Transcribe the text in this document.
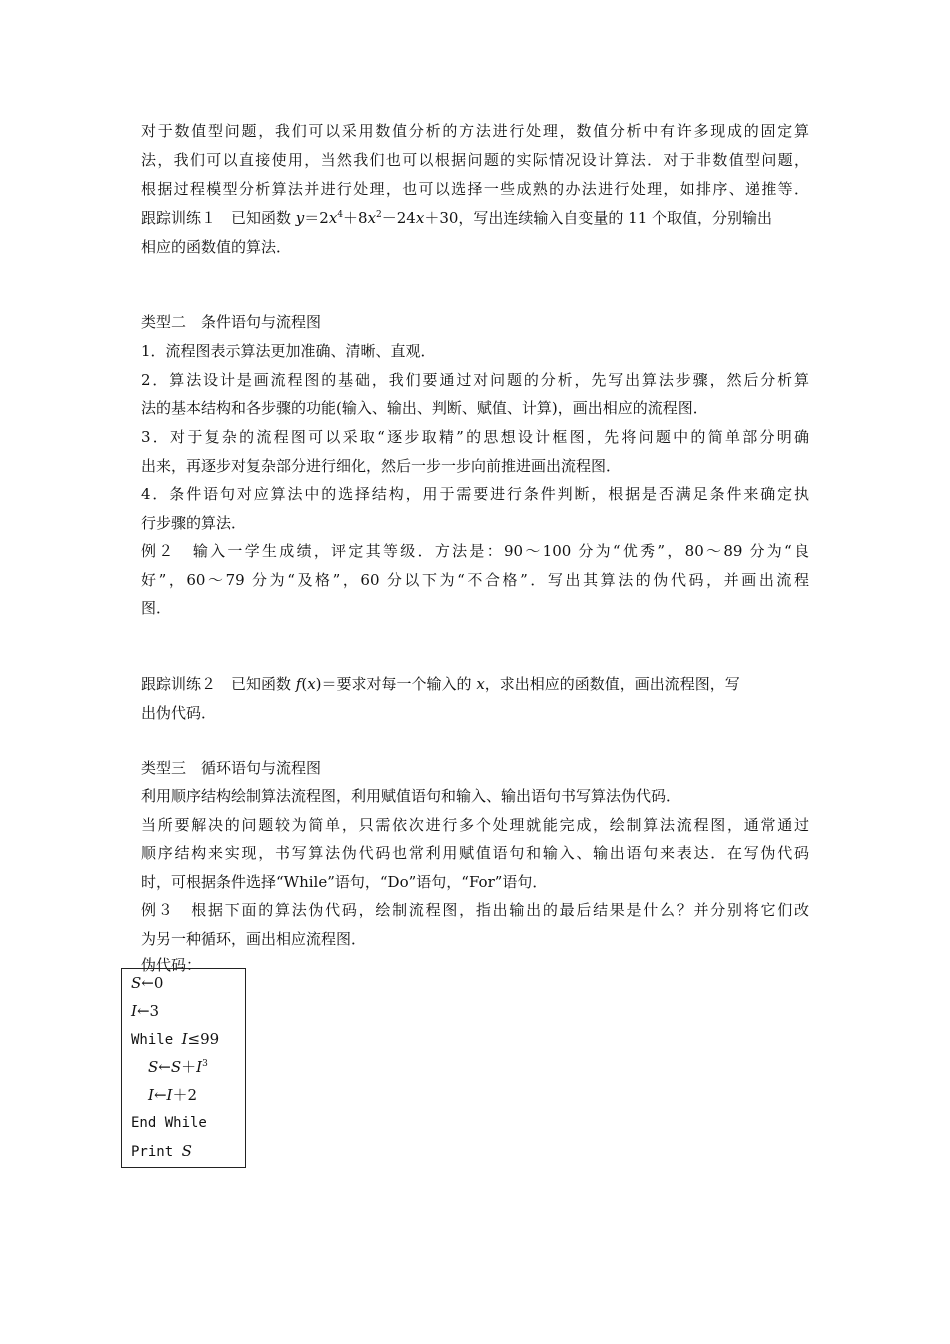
对于数值型问题，我们可以采用数值分析的方法进行处理，数值分析中有许多现成的固定算
法，我们可以直接使用，当然我们也可以根据问题的实际情况设计算法．对于非数值型问题，
根据过程模型分析算法并进行处理，也可以选择一些成熟的办法进行处理，如排序、递推等．
跟踪训练１　已知函数 $y=2x^4+8x^2-24x+30$，写出连续输入自变量的 11 个取值，分别输出
相应的函数值的算法．
类型二　条件语句与流程图
1．流程图表示算法更加准确、清晰、直观．
2．算法设计是画流程图的基础，我们要通过对问题的分析，先写出算法步骤，然后分析算
法的基本结构和各步骤的功能(输入、输出、判断、赋值、计算)，画出相应的流程图．
3．对于复杂的流程图可以采取“逐步取精”的思想设计框图，先将问题中的简单部分明确
出来，再逐步对复杂部分进行细化，然后一步一步向前推进画出流程图．
4．条件语句对应算法中的选择结构，用于需要进行条件判断，根据是否满足条件来确定执
行步骤的算法．
例２　输入一学生成绩，评定其等级．方法是：90～100 分为“优秀”，80～89 分为“良
好”，60～79 分为“及格”，60 分以下为“不合格”．写出其算法的伪代码，并画出流程
图．
跟踪训练２　已知函数 f(x)＝要求对每一个输入的 x，求出相应的函数值，画出流程图，写
出伪代码．
类型三　循环语句与流程图
利用顺序结构绘制算法流程图，利用赋值语句和输入、输出语句书写算法伪代码．
当所要解决的问题较为简单，只需依次进行多个处理就能完成，绘制算法流程图，通常通过
顺序结构来实现，书写算法伪代码也常利用赋值语句和输入、输出语句来表达．在写伪代码
时，可根据条件选择“While”语句，“Do”语句，“For”语句．
例３　根据下面的算法伪代码，绘制流程图，指出输出的最后结果是什么？并分别将它们改
为另一种循环，画出相应流程图．
伪代码：
S←0
I←3
While I≤99
$S\leftarrow S+I^3$
I←I＋2
End While
Print S
